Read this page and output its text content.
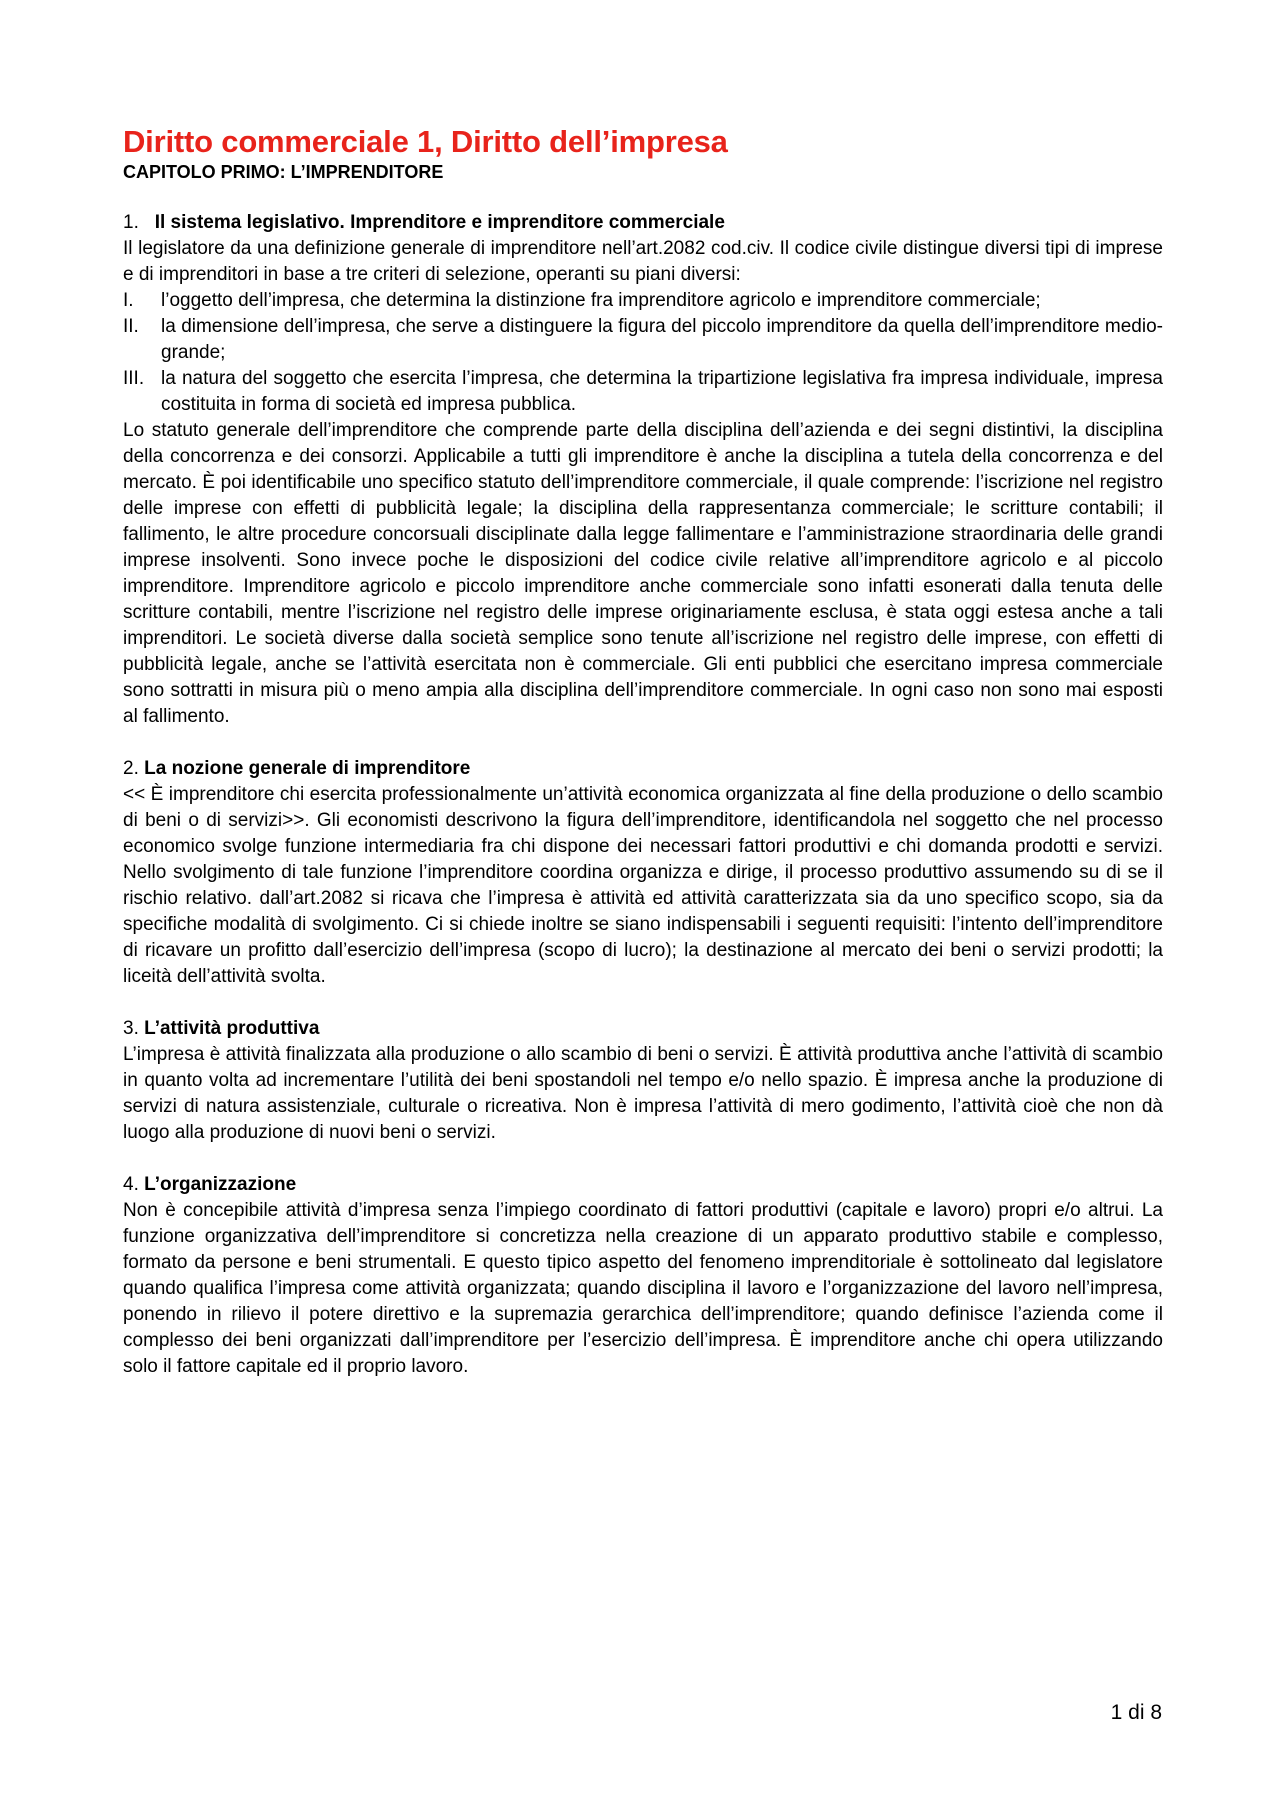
Diritto commerciale 1, Diritto dell’impresa
CAPITOLO PRIMO: L’IMPRENDITORE

1. Il sistema legislativo. Imprenditore e imprenditore commerciale

Il legislatore da una definizione generale di imprenditore nell’art.2082 cod.civ. Il codice civile distingue diversi tipi di imprese e di imprenditori in base a tre criteri di selezione, operanti su piani diversi:

I.	l’oggetto dell’impresa, che determina la distinzione fra imprenditore agricolo e imprenditore commerciale;
II.	la dimensione dell’impresa, che serve a distinguere la figura del piccolo imprenditore da quella dell’imprenditore medio-grande;
III. la natura del soggetto che esercita l’impresa, che determina la tripartizione legislativa fra impresa individuale, impresa costituita in forma di società ed impresa pubblica.

Lo statuto generale dell’imprenditore che comprende parte della disciplina dell’azienda e dei segni distintivi, la disciplina della concorrenza e dei consorzi. Applicabile a tutti gli imprenditore è anche la disciplina a tutela della concorrenza e del mercato. È poi identificabile uno specifico statuto dell’imprenditore commerciale, il quale comprende: l’iscrizione nel registro delle imprese con effetti di pubblicità legale; la disciplina della rappresentanza commerciale; le scritture contabili; il fallimento, le altre procedure concorsuali disciplinate dalla legge fallimentare e l’amministrazione straordinaria delle grandi imprese insolventi. Sono invece poche le disposizioni del codice civile relative all’imprenditore agricolo e al piccolo imprenditore. Imprenditore agricolo e piccolo imprenditore anche commerciale sono infatti esonerati dalla tenuta delle scritture contabili, mentre l’iscrizione nel registro delle imprese originariamente esclusa, è stata oggi estesa anche a tali imprenditori. Le società diverse dalla società semplice sono tenute all’iscrizione nel registro delle imprese, con effetti di pubblicità legale, anche se l’attività esercitata non è commerciale. Gli enti pubblici che esercitano impresa commerciale sono sottratti in misura più o meno ampia alla disciplina dell’imprenditore commerciale. In ogni caso non sono mai esposti al fallimento.

2. La nozione generale di imprenditore

<< È imprenditore chi esercita professionalmente un’attività economica organizzata al fine della produzione o dello scambio di beni o di servizi>>. Gli economisti descrivono la figura dell’imprenditore, identificandola nel soggetto che nel processo economico svolge funzione intermediaria fra chi dispone dei necessari fattori produttivi e chi domanda prodotti e servizi. Nello svolgimento di tale funzione l’imprenditore coordina organizza e dirige, il processo produttivo assumendo su di se il rischio relativo. dall’art.2082 si ricava che l’impresa è attività ed attività caratterizzata sia da uno specifico scopo, sia da specifiche modalità di svolgimento. Ci si chiede inoltre se siano indispensabili i seguenti requisiti: l’intento dell’imprenditore di ricavare un profitto dall’esercizio dell’impresa (scopo di lucro); la destinazione al mercato dei beni o servizi prodotti; la liceità dell’attività svolta.

3. L’attività produttiva

L’impresa è attività finalizzata alla produzione o allo scambio di beni o servizi. È attività produttiva anche l’attività di scambio in quanto volta ad incrementare l’utilità dei beni spostandoli nel tempo e/o nello spazio. È impresa anche la produzione di servizi di natura assistenziale, culturale o ricreativa. Non è impresa l’attività di mero godimento, l’attività cioè che non dà luogo alla produzione di nuovi beni o servizi.

4. L’organizzazione

Non è concepibile attività d’impresa senza l’impiego coordinato di fattori produttivi (capitale e lavoro) propri e/o altrui. La funzione organizzativa dell’imprenditore si concretizza nella creazione di un apparato produttivo stabile e complesso, formato da persone e beni strumentali. E questo tipico aspetto del fenomeno imprenditoriale è sottolineato dal legislatore quando qualifica l’impresa come attività organizzata; quando disciplina il lavoro e l’organizzazione del lavoro nell’impresa, ponendo in rilievo il potere direttivo e la supremazia gerarchica dell’imprenditore; quando definisce l’azienda come il complesso dei beni organizzati dall’imprenditore per l’esercizio dell’impresa. È imprenditore anche chi opera utilizzando solo il fattore capitale ed il proprio lavoro.

1 di 8
